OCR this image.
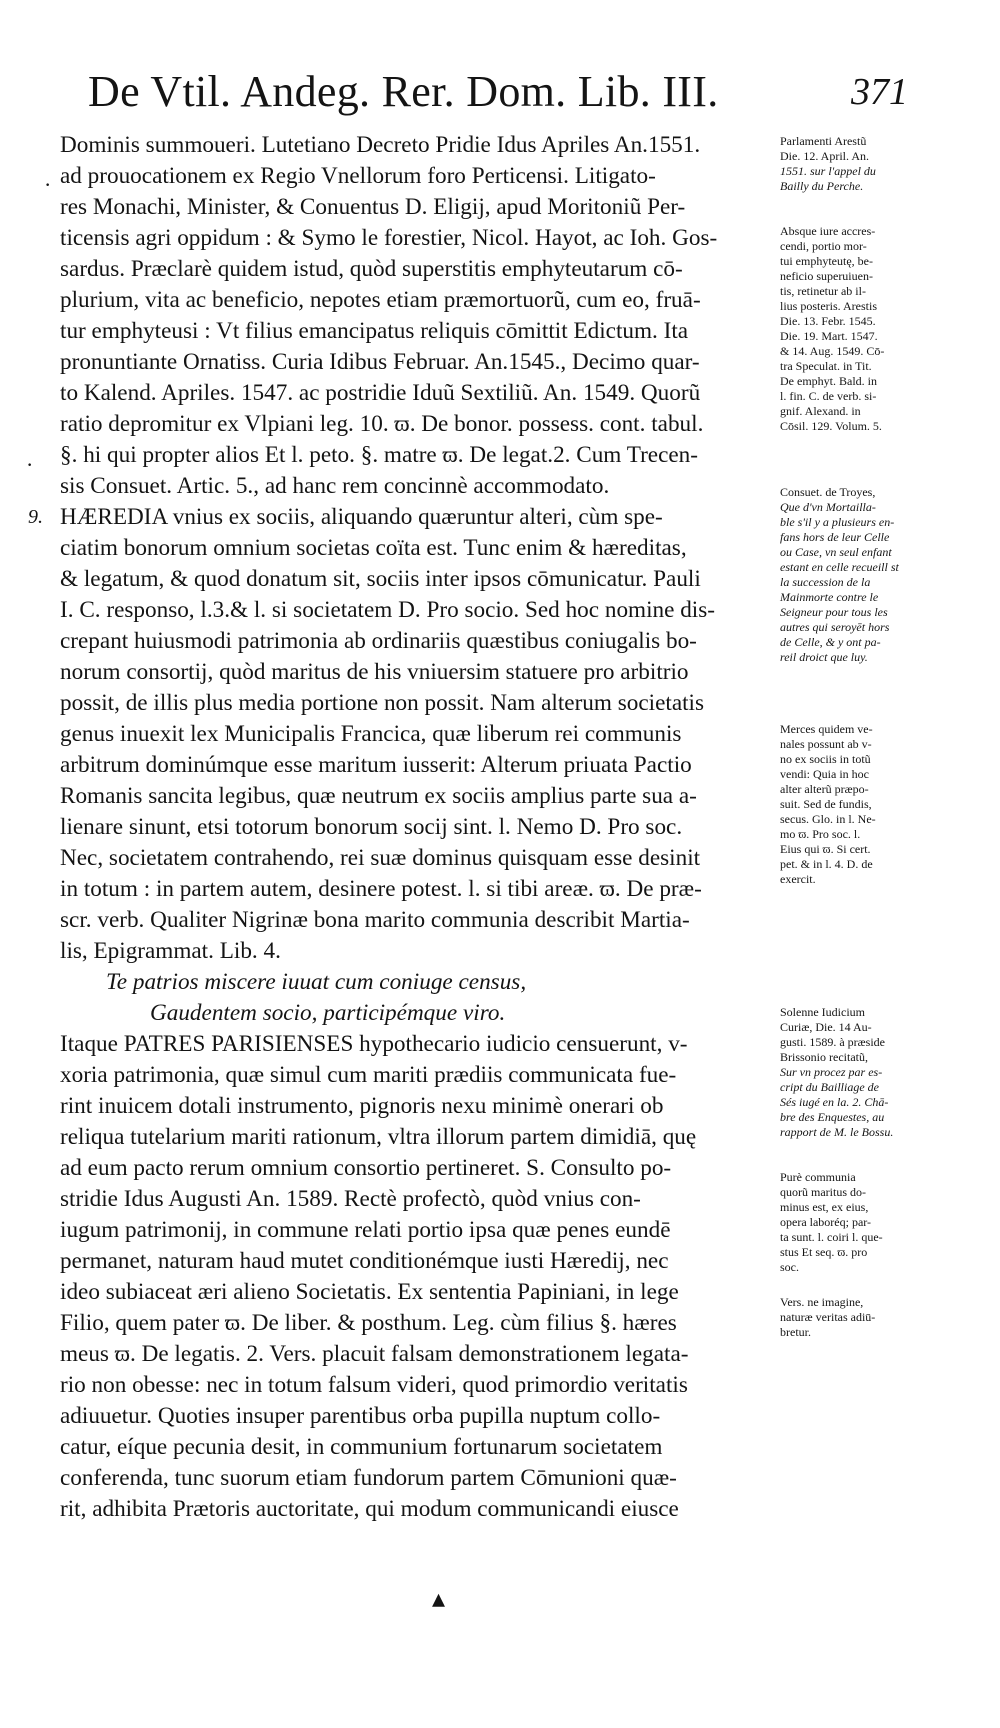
De Vtil. Andeg. Rer. Dom. Lib. III.	371
Dominis summoueri. Lutetiano Decreto Pridie Idus Apriles An.1551.
ad prouocationem ex Regio Vnellorum foro Perticensi. Litigato-
res Monachi, Minister, & Conuentus D. Eligij, apud Moritoniũ Per-
ticensis agri oppidum : & Symo le forestier, Nicol. Hayot, ac Ioh. Gos-
sardus. Præclarè quidem istud, quòd superstitis emphyteutarum cō-
plurium, vita ac beneficio, nepotes etiam præmortuorũ, cum eo, fruā-
tur emphyteusi : Vt filius emancipatus reliquis cōmittit Edictum. Ita
pronuntiante Ornatiss. Curia Idibus Februar. An.1545., Decimo quar-
to Kalend. Apriles. 1547. ac postridie Iduũ Sextiliũ. An. 1549. Quorũ
ratio depromitur ex Vlpiani leg. 10. ϖ. De bonor. possess. cont. tabul.
§. hi qui propter alios Et l. peto. §. matre ϖ. De legat.2. Cum Trecen-
sis Consuet. Artic. 5., ad hanc rem concinnè accommodato.
9. HÆREDIA vnius ex sociis, aliquando quæruntur alteri, cùm spe-
ciatim bonorum omnium societas coïta est. Tunc enim & hæreditas,
& legatum, & quod donatum sit, sociis inter ipsos cōmunicatur. Pauli
I. C. responso, l.3.& l. si societatem D. Pro socio. Sed hoc nomine dis-
crepant huiusmodi patrimonia ab ordinariis quæstibus coniugalis bo-
norum consortij, quòd maritus de his vniuersim statuere pro arbitrio
possit, de illis plus media portione non possit. Nam alterum societatis
genus inuexit lex Municipalis Francica, quæ liberum rei communis
arbitrum dominúmque esse maritum iusserit: Alterum priuata Pactio
Romanis sancita legibus, quæ neutrum ex sociis amplius parte sua a-
lienare sinunt, etsi totorum bonorum socij sint. l. Nemo D. Pro soc.
Nec, societatem contrahendo, rei suæ dominus quisquam esse desinit
in totum : in partem autem, desinere potest. l. si tibi areæ. ϖ. De præ-
scr. verb. Qualiter Nigrinæ bona marito communia describit Martia-
lis, Epigrammat. Lib. 4.
Te patrios miscere iuuat cum coniuge census,
Gaudentem socio, participémque viro.
Itaque PATRES PARISIENSES hypothecario iudicio censuerunt, v-
xoria patrimonia, quæ simul cum mariti prædiis communicata fue-
rint inuicem dotali instrumento, pignoris nexu minimè onerari ob
reliqua tutelarium mariti rationum, vltra illorum partem dimidiā, quę
ad eum pacto rerum omnium consortio pertineret. S. Consulto po-
stridie Idus Augusti An. 1589. Rectè profectò, quòd vnius con-
iugum patrimonij, in commune relati portio ipsa quæ penes eundē
permanet, naturam haud mutet conditionémque iusti Hæredij, nec
ideo subiaceat æri alieno Societatis. Ex sententia Papiniani, in lege
Filio, quem pater ϖ. De liber. & posthum. Leg. cùm filius §. hæres
meus ϖ. De legatis. 2. Vers. placuit falsam demonstrationem legata-
rio non obesse: nec in totum falsum videri, quod primordio veritatis
adiuuetur. Quoties insuper parentibus orba pupilla nuptum collo-
catur, eíque pecunia desit, in communium fortunarum societatem
conferenda, tunc suorum etiam fundorum partem Cōmunioni quæ-
rit, adhibita Prætoris auctoritate, qui modum communicandi eiusce
Parlamenti Arestũ
Die. 12. April. An.
1551. sur l'appel du
Bailly du Perche.
Absque iure accres-
cendi, portio mor-
tui emphyteutę, be-
neficio superuiuen-
tis, retinetur ab il-
lius posteris. Arestis
Die. 13. Febr. 1545.
Die. 19. Mart. 1547.
& 14. Aug. 1549. Cō-
tra Speculat. in Tit.
De emphyt. Bald. in
l. fin. C. de verb. si-
gnif. Alexand. in
Cōsil. 129. Volum. 5.
Consuet. de Troyes,
Que d'vn Mortailla-
ble s'il y a plusieurs en-
fans hors de leur Celle
ou Case, vn seul enfant
estant en celle recueill st
la succession de la
Mainmorte contre le
Seigneur pour tous les
autres qui seroyēt hors
de Celle, & y ont pa-
reil droict que luy.
Merces quidem ve-
nales possunt ab v-
no ex sociis in totũ
vendi: Quia in hoc
alter alterũ præpo-
suit. Sed de fundis,
secus. Glo. in l. Ne-
mo ϖ. Pro soc. l.
Eius qui ϖ. Si cert.
pet. & in l. 4. D. de
exercit.
Solenne Iudicium
Curiæ, Die. 14 Au-
gusti. 1589. à præside
Brissonio recitatũ,
Sur vn procez par es-
cript du Bailliage de
Sés iugé en la. 2. Chā-
bre des Enquestes, au
rapport de M. le Bossu.
Purè communia
quorũ maritus do-
minus est, ex eius,
opera laboréq; par-
ta sunt. l. coiri l. que-
stus Et seq. ϖ. pro
soc.
Vers. ne imagine,
naturæ veritas adiū-
bretur.
·
·
▴
